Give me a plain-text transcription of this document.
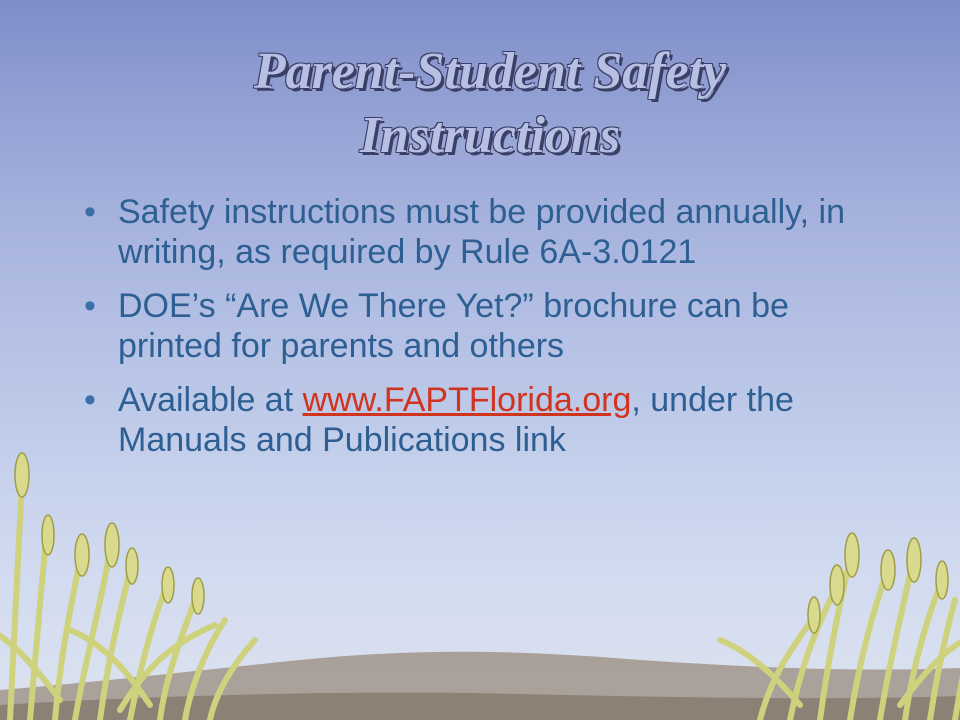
Parent-Student Safety Instructions
• Safety instructions must be provided annually, in writing, as required by Rule 6A-3.0121
• DOE’s “Are We There Yet?” brochure can be printed for parents and others
• Available at www.FAPTFlorida.org, under the Manuals and Publications link
